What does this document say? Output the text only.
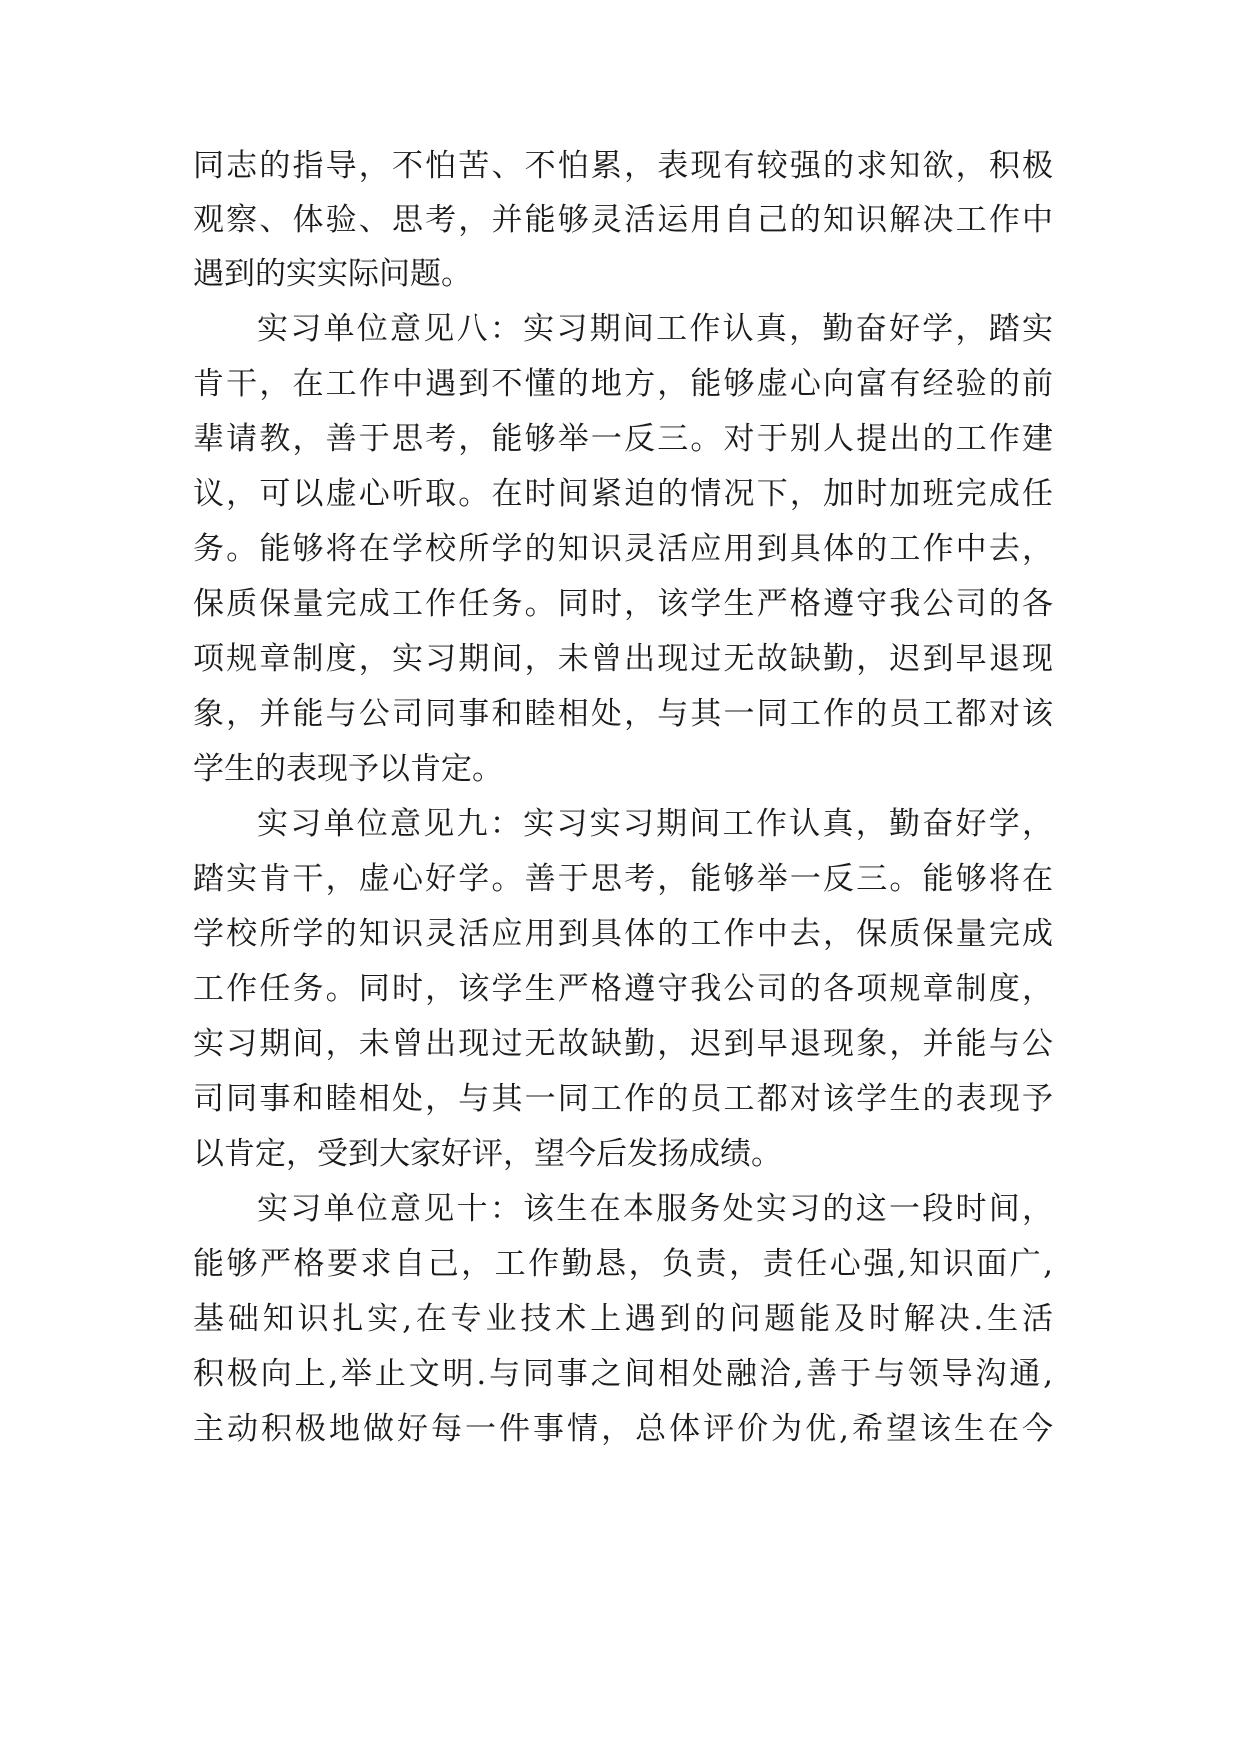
同志的指导，不怕苦、不怕累，表现有较强的求知欲，积极
观察、体验、思考，并能够灵活运用自己的知识解决工作中
遇到的实实际问题。
实习单位意见八：实习期间工作认真，勤奋好学，踏实
肯干，在工作中遇到不懂的地方，能够虚心向富有经验的前
辈请教，善于思考，能够举一反三。对于别人提出的工作建
议，可以虚心听取。在时间紧迫的情况下，加时加班完成任
务。能够将在学校所学的知识灵活应用到具体的工作中去，
保质保量完成工作任务。同时，该学生严格遵守我公司的各
项规章制度，实习期间，未曾出现过无故缺勤，迟到早退现
象，并能与公司同事和睦相处，与其一同工作的员工都对该
学生的表现予以肯定。
实习单位意见九：实习实习期间工作认真，勤奋好学，
踏实肯干，虚心好学。善于思考，能够举一反三。能够将在
学校所学的知识灵活应用到具体的工作中去，保质保量完成
工作任务。同时，该学生严格遵守我公司的各项规章制度，
实习期间，未曾出现过无故缺勤，迟到早退现象，并能与公
司同事和睦相处，与其一同工作的员工都对该学生的表现予
以肯定，受到大家好评，望今后发扬成绩。
实习单位意见十：该生在本服务处实习的这一段时间，
能够严格要求自己，工作勤恳，负责，责任心强,知识面广,
基础知识扎实,在专业技术上遇到的问题能及时解决.生活
积极向上,举止文明.与同事之间相处融洽,善于与领导沟通,
主动积极地做好每一件事情，总体评价为优,希望该生在今
